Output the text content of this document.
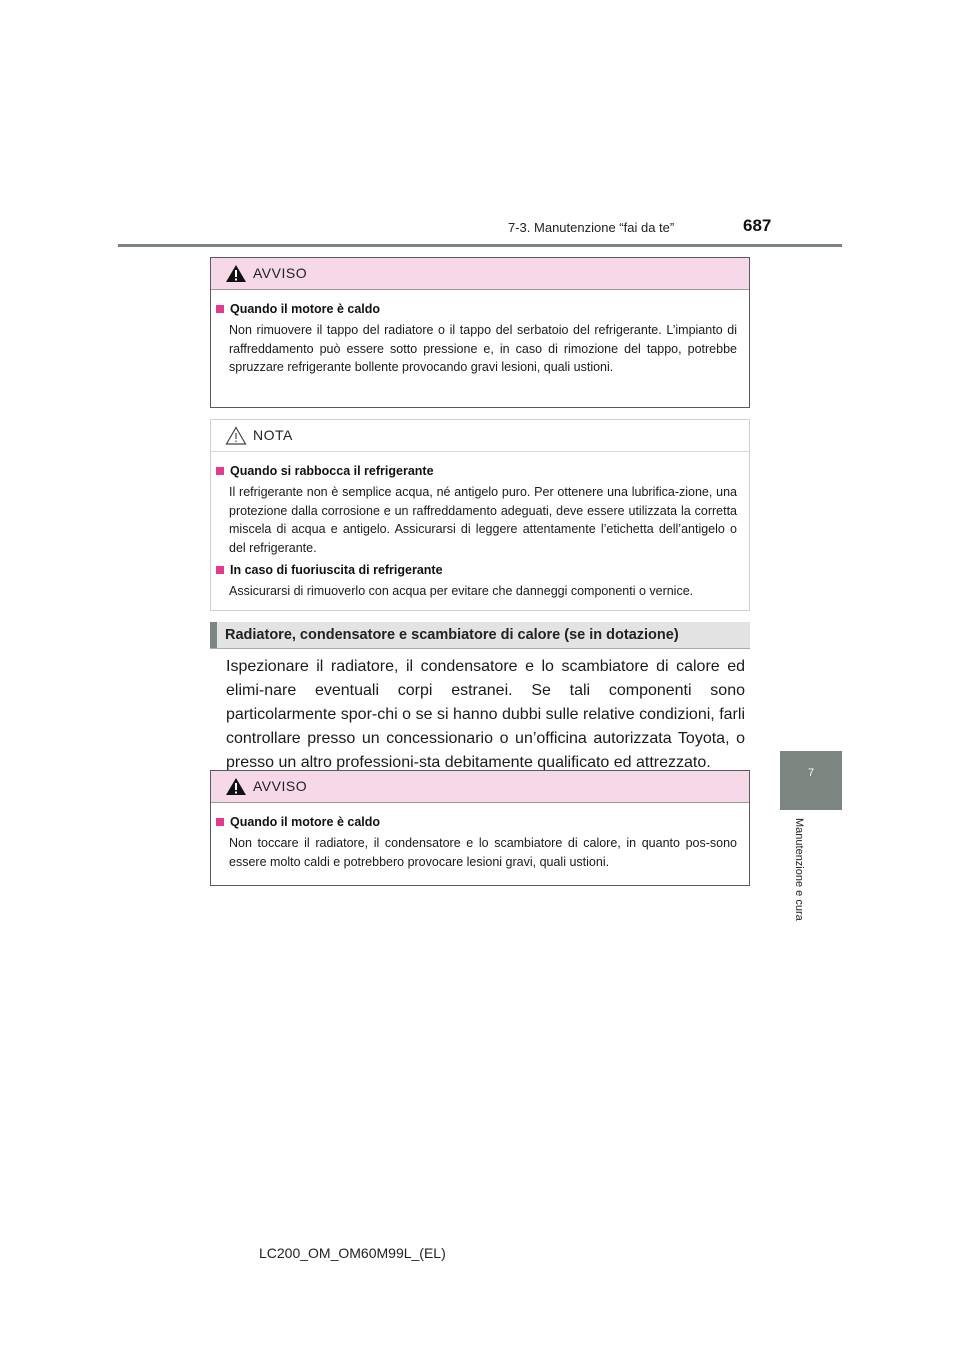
7-3. Manutenzione “fai da te”	687
7
Manutenzione e cura
AVVISO
Quando il motore è caldo

Non rimuovere il tappo del radiatore o il tappo del serbatoio del refrigerante. L’impianto di raffreddamento può essere sotto pressione e, in caso di rimozione del tappo, potrebbe spruzzare refrigerante bollente provocando gravi lesioni, quali ustioni.

NOTA
Quando si rabbocca il refrigerante

Il refrigerante non è semplice acqua, né antigelo puro. Per ottenere una lubrifica-zione, una protezione dalla corrosione e un raffreddamento adeguati, deve essere utilizzata la corretta miscela di acqua e antigelo. Assicurarsi di leggere attentamente l’etichetta dell’antigelo o del refrigerante.

In caso di fuoriuscita di refrigerante

Assicurarsi di rimuoverlo con acqua per evitare che danneggi componenti o vernice.

Radiatore, condensatore e scambiatore di calore (se in dotazione)

Ispezionare il radiatore, il condensatore e lo scambiatore di calore ed elimi-nare eventuali corpi estranei. Se tali componenti sono particolarmente spor-chi o se si hanno dubbi sulle relative condizioni, farli controllare presso un concessionario o un’officina autorizzata Toyota, o presso un altro professioni-sta debitamente qualificato ed attrezzato.

AVVISO
Quando il motore è caldo

Non toccare il radiatore, il condensatore e lo scambiatore di calore, in quanto pos-sono essere molto caldi e potrebbero provocare lesioni gravi, quali ustioni.

LC200_OM_OM60M99L_(EL)
